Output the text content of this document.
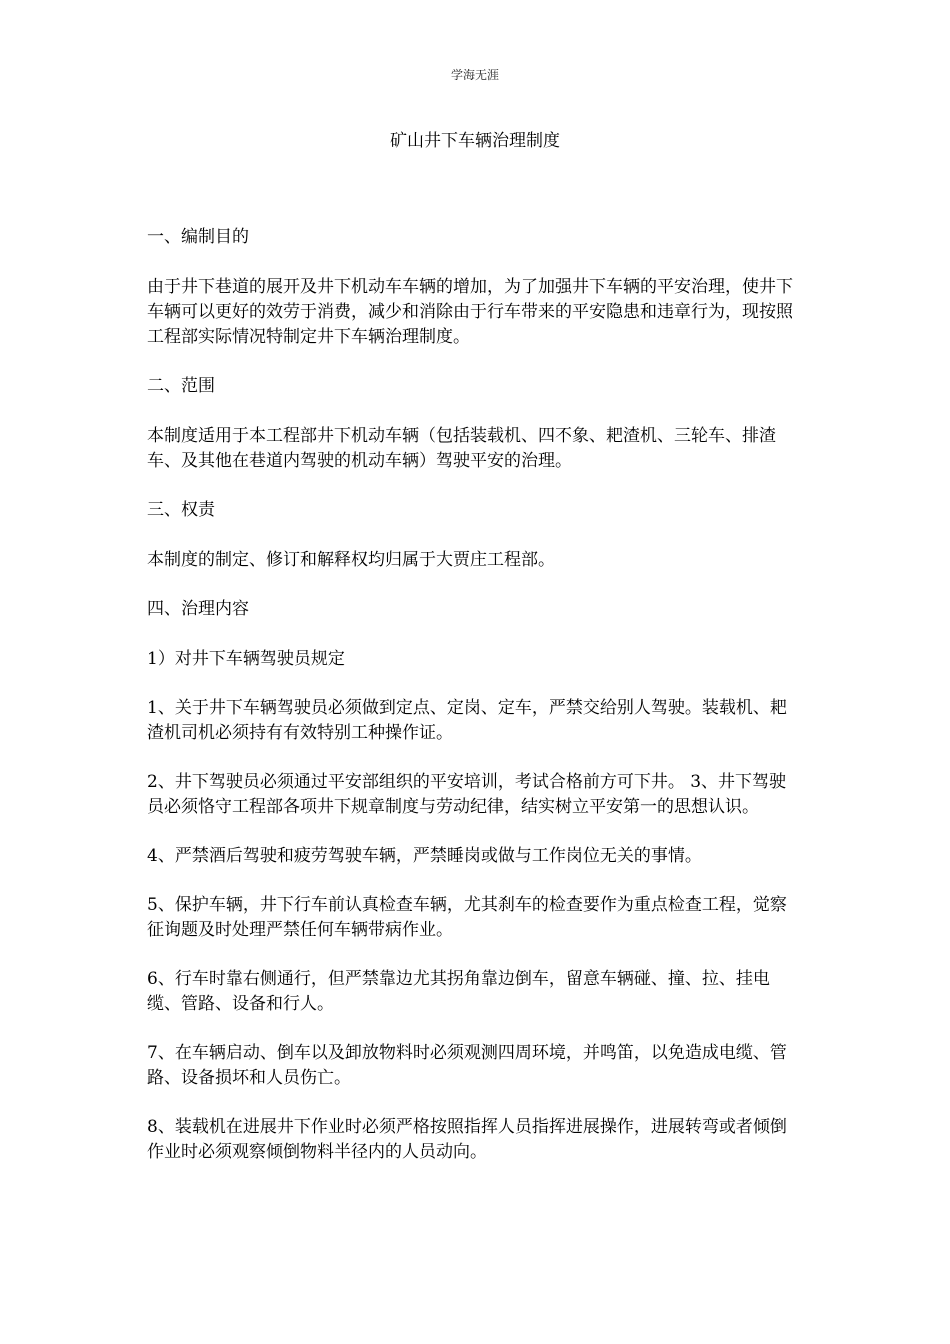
学海无涯
矿山井下车辆治理制度

一、编制目的

由于井下巷道的展开及井下机动车车辆的增加，为了加强井下车辆的平安治理，使井下车辆可以更好的效劳于消费，减少和消除由于行车带来的平安隐患和违章行为，现按照工程部实际情况特制定井下车辆治理制度。

二、范围

本制度适用于本工程部井下机动车辆（包括装载机、四不象、耙渣机、三轮车、排渣车、及其他在巷道内驾驶的机动车辆）驾驶平安的治理。

三、权责

本制度的制定、修订和解释权均归属于大贾庄工程部。

四、治理内容

1）对井下车辆驾驶员规定

1、关于井下车辆驾驶员必须做到定点、定岗、定车，严禁交给别人驾驶。装载机、耙渣机司机必须持有有效特别工种操作证。

2、井下驾驶员必须通过平安部组织的平安培训，考试合格前方可下井。 3、井下驾驶员必须恪守工程部各项井下规章制度与劳动纪律，结实树立平安第一的思想认识。

4、严禁酒后驾驶和疲劳驾驶车辆，严禁睡岗或做与工作岗位无关的事情。

5、保护车辆，井下行车前认真检查车辆，尤其刹车的检查要作为重点检查工程，觉察征询题及时处理严禁任何车辆带病作业。

6、行车时靠右侧通行，但严禁靠边尤其拐角靠边倒车，留意车辆碰、撞、拉、挂电缆、管路、设备和行人。

7、在车辆启动、倒车以及卸放物料时必须观测四周环境，并鸣笛，以免造成电缆、管路、设备损坏和人员伤亡。

8、装载机在进展井下作业时必须严格按照指挥人员指挥进展操作，进展转弯或者倾倒作业时必须观察倾倒物料半径内的人员动向。
